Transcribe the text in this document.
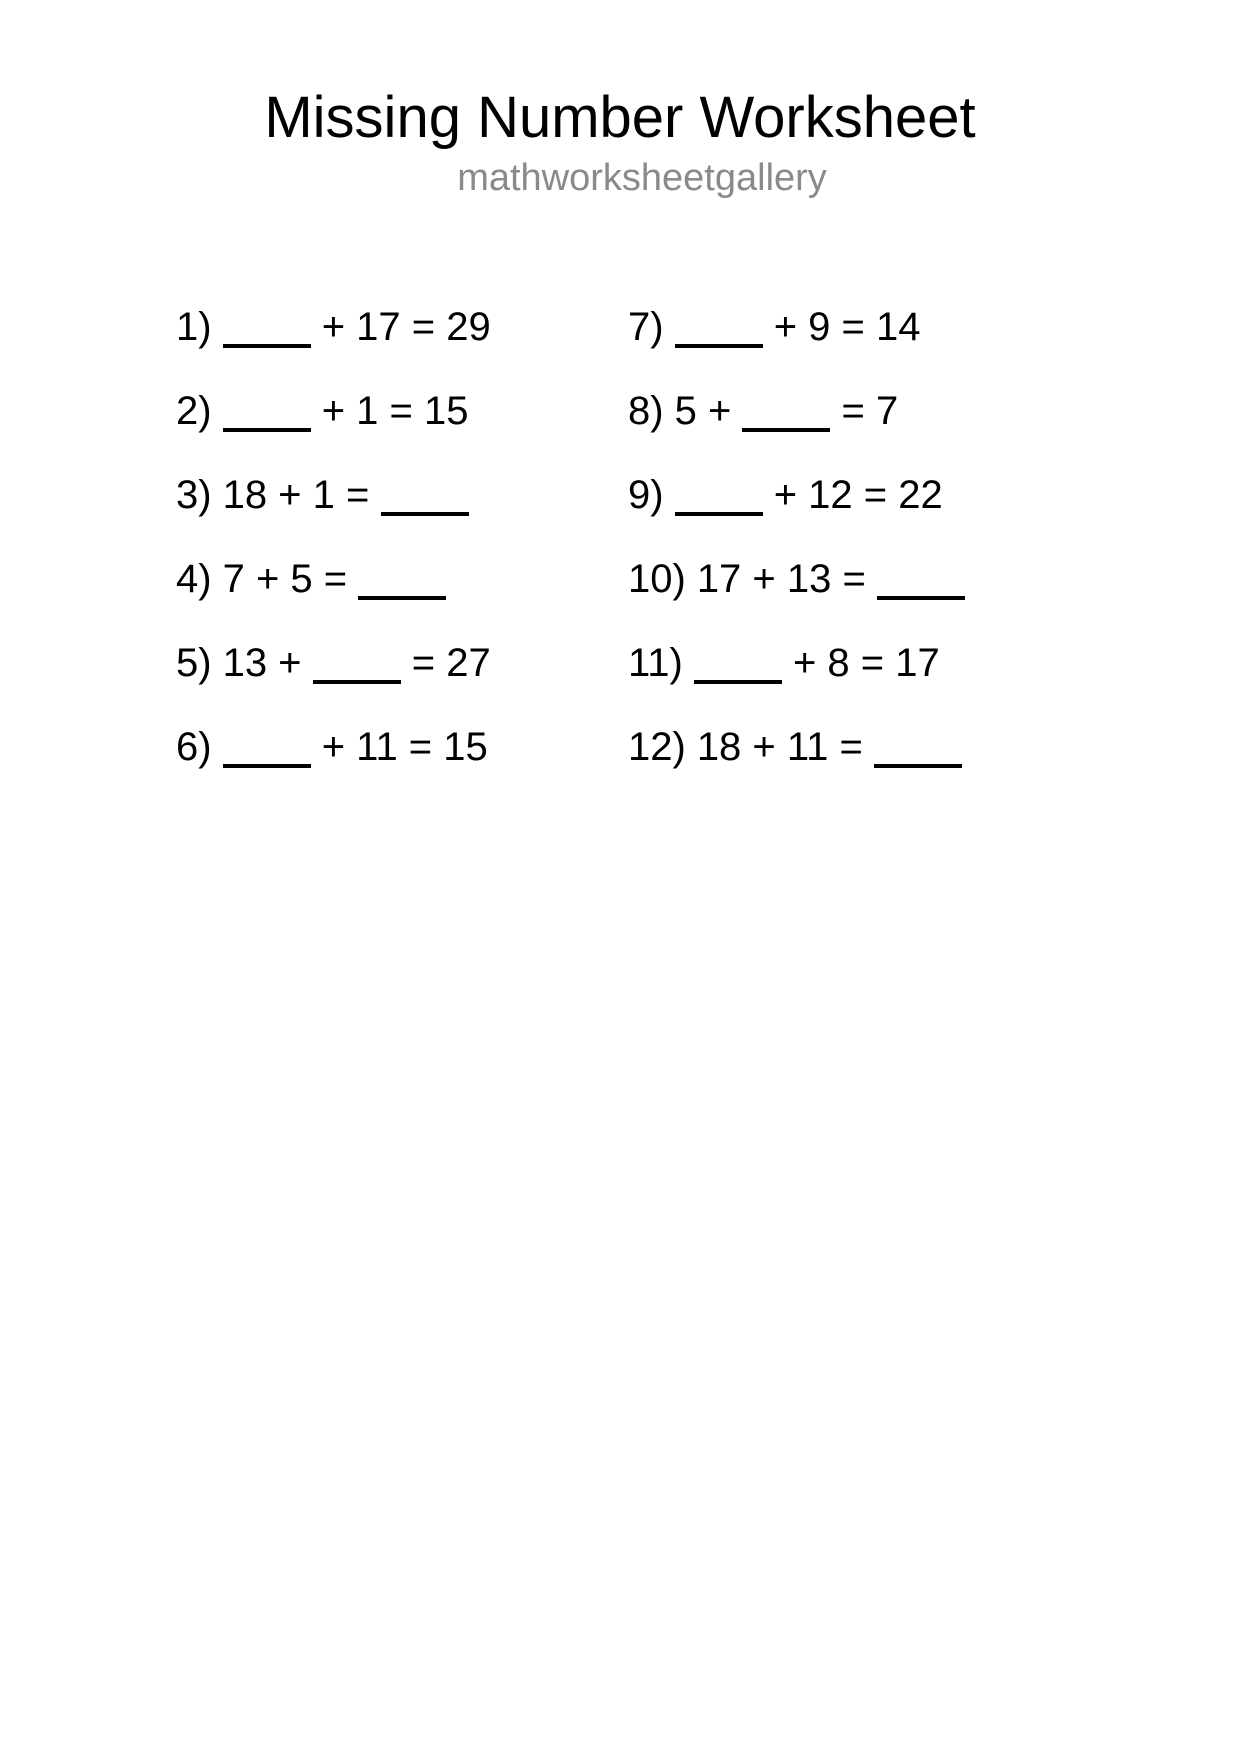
Missing Number Worksheet
mathworksheetgallery
1) + 17 = 29
2) + 1 = 15
3) 18 + 1 =
4) 7 + 5 =
5) 13 + = 27
6) + 11 = 15
7) + 9 = 14
8) 5 + = 7
9) + 12 = 22
10) 17 + 13 =
11) + 8 = 17
12) 18 + 11 =
